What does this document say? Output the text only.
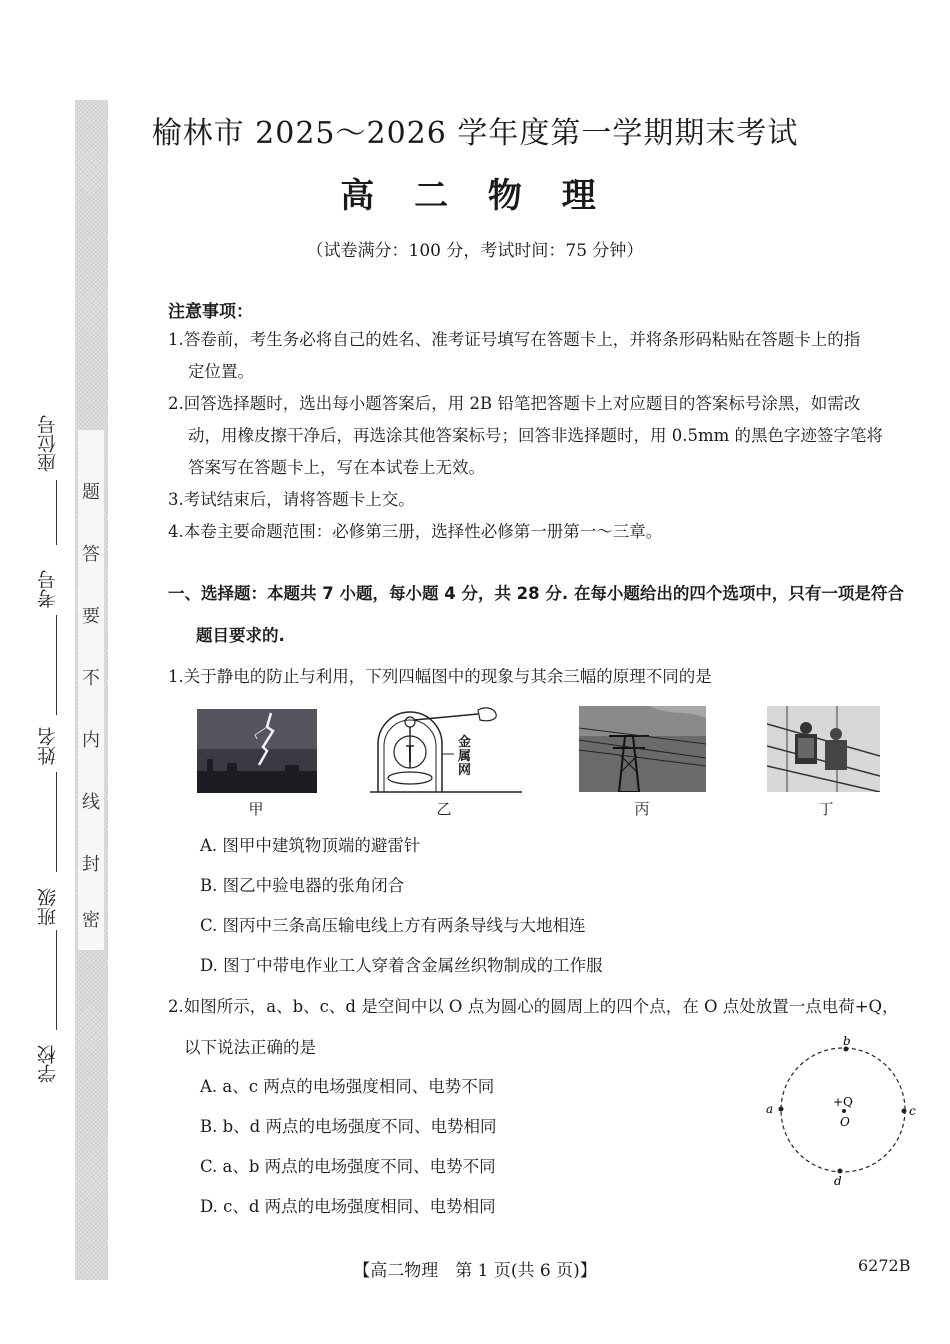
题
答
要
不
内
线
封
密
座位号
考号
姓名
班级
学校
榆林市 2025～2026 学年度第一学期期末考试
高 二 物 理
（试卷满分：100 分，考试时间：75 分钟）
注意事项：
1.答卷前，考生务必将自己的姓名、准考证号填写在答题卡上，并将条形码粘贴在答题卡上的指
定位置。
2.回答选择题时，选出每小题答案后，用 2B 铅笔把答题卡上对应题目的答案标号涂黑，如需改
动，用橡皮擦干净后，再选涂其他答案标号；回答非选择题时，用 0.5mm 的黑色字迹签字笔将
答案写在答题卡上，写在本试卷上无效。
3.考试结束后，请将答题卡上交。
4.本卷主要命题范围：必修第三册，选择性必修第一册第一～三章。
一、选择题：本题共 7 小题，每小题 4 分，共 28 分. 在每小题给出的四个选项中，只有一项是符合
题目要求的.
1.关于静电的防止与利用，下列四幅图中的现象与其余三幅的原理不同的是
甲
金
属
网
乙	丙	丁
A. 图甲中建筑物顶端的避雷针
B. 图乙中验电器的张角闭合
C. 图丙中三条高压输电线上方有两条导线与大地相连
D. 图丁中带电作业工人穿着含金属丝织物制成的工作服
2.如图所示，a、b、c、d 是空间中以 O 点为圆心的圆周上的四个点，在 O 点处放置一点电荷+Q，
以下说法正确的是
A. a、c 两点的电场强度相同、电势不同
B. b、d 两点的电场强度不同、电势相同
C. a、b 两点的电场强度不同、电势不同
D. c、d 两点的电场强度相同、电势相同
b
a	c
d
+Q
O
【高二物理　第 1 页(共 6 页)】	6272B
